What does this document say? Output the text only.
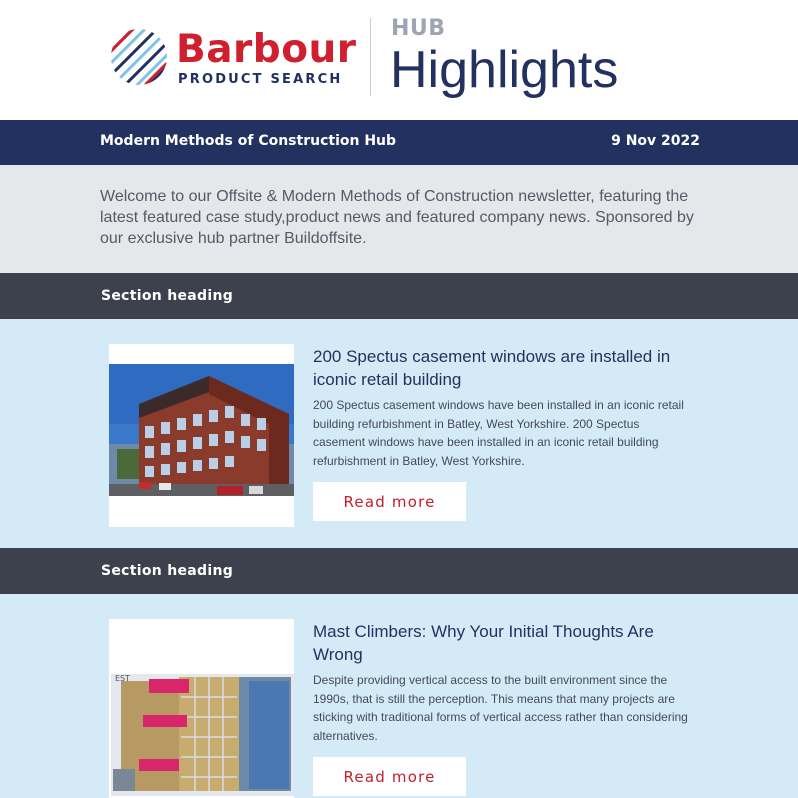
Barbour
PRODUCT SEARCH
HUB
Highlights
Modern Methods of Construction Hub	9 Nov 2022

Welcome to our Offsite & Modern Methods of Construction newsletter, featuring the latest featured case study,product news and featured company news. Sponsored by our exclusive hub partner Buildoffsite.

Section heading
200 Spectus casement windows are installed in iconic retail building
200 Spectus casement windows have been installed in an iconic retail building refurbishment in Batley, West Yorkshire. 200 Spectus casement windows have been installed in an iconic retail building refurbishment in Batley, West Yorkshire.
Read more
Section heading
EST
Mast Climbers: Why Your Initial Thoughts Are Wrong
Despite providing vertical access to the built environment since the 1990s, that is still the perception. This means that many projects are sticking with traditional forms of vertical access rather than considering alternatives.
Read more
